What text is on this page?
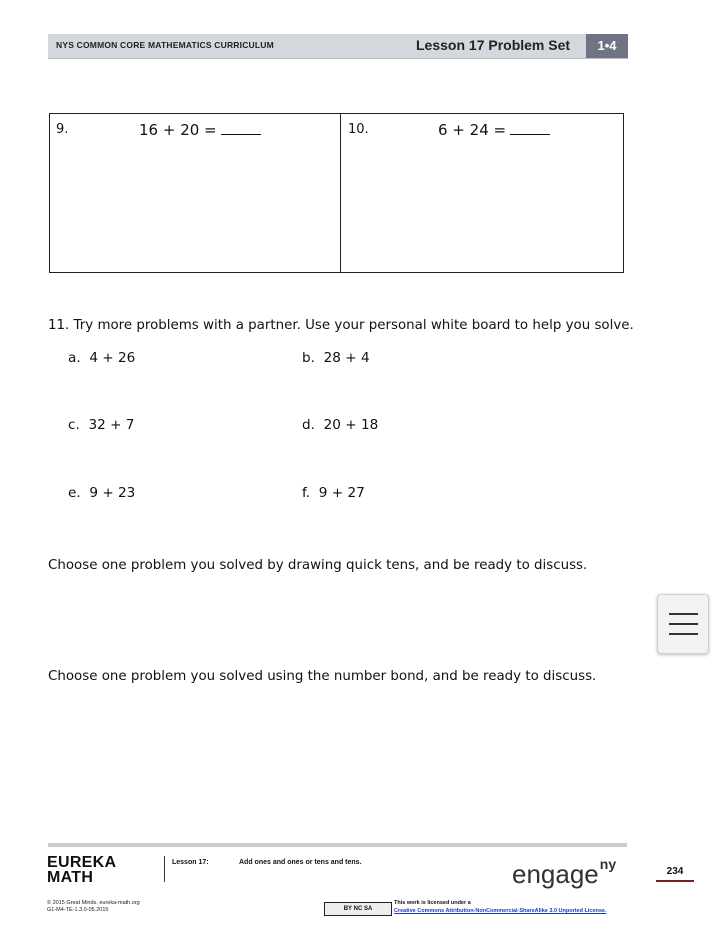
NYS COMMON CORE MATHEMATICS CURRICULUM	Lesson 17 Problem Set	1•4
9.	16 + 20 =	10.	6 + 24 =
11. Try more problems with a partner. Use your personal white board to help you solve.
a. 4 + 26	b. 28 + 4
c. 32 + 7	d. 20 + 18
e. 9 + 23	f. 9 + 27
Choose one problem you solved by drawing quick tens, and be ready to discuss.
Choose one problem you solved using the number bond, and be ready to discuss.
EUREKA
MATH
Lesson 17:	Add ones and ones or tens and tens.	engage$^{ny}$	234
© 2015 Great Minds. eureka-math.org
G1-M4-TE-1.3.0-05.2015	BY NC SA
This work is licensed under a
Creative Commons Attribution-NonCommercial-ShareAlike 3.0 Unported License.
